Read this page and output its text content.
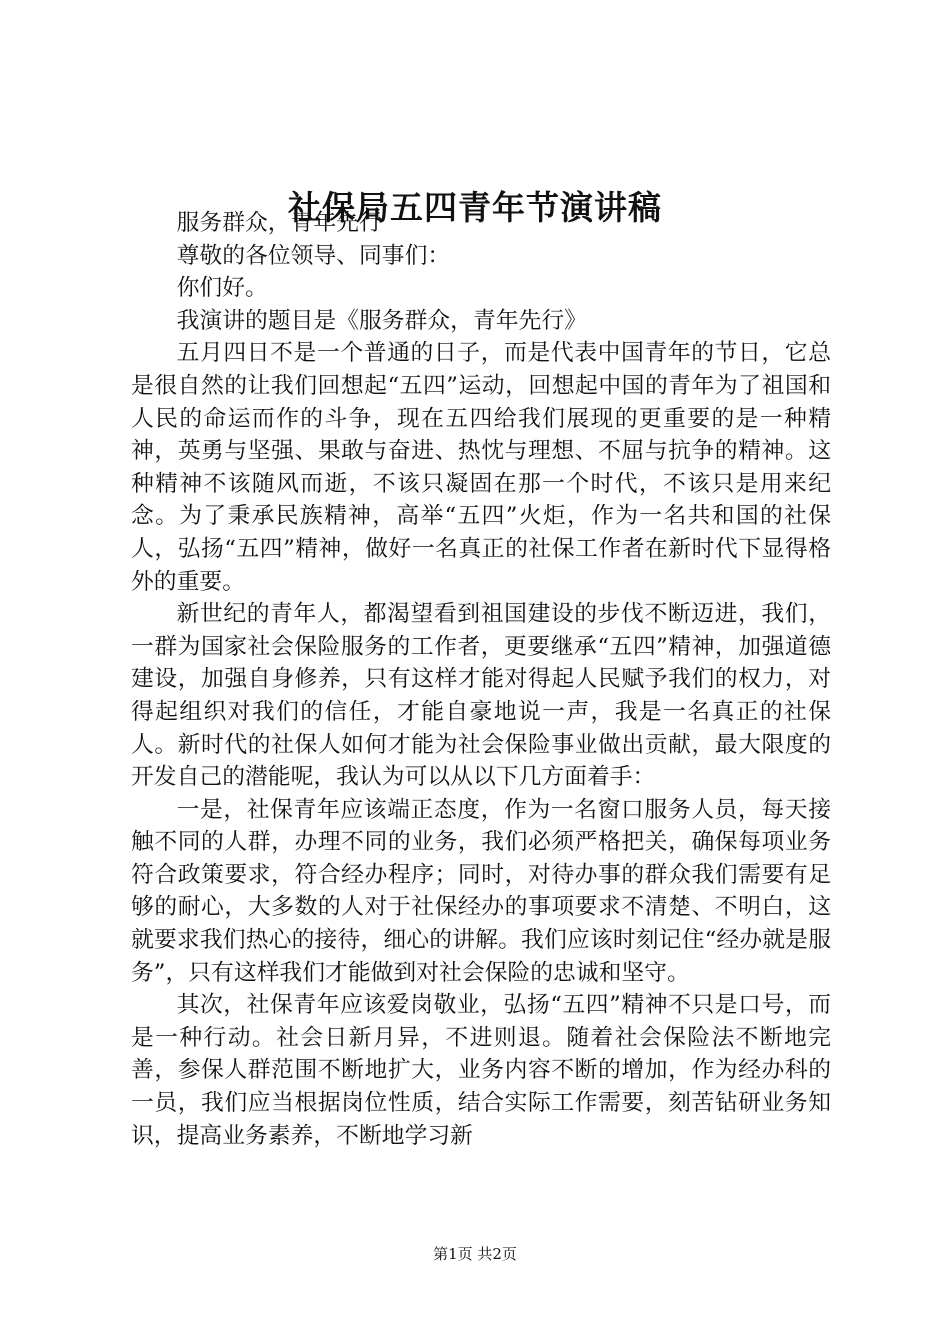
社保局五四青年节演讲稿

服务群众，青年先行

尊敬的各位领导、同事们：

你们好。

我演讲的题目是《服务群众，青年先行》

五月四日不是一个普通的日子，而是代表中国青年的节日，它总是很自然的让我们回想起“五四”运动，回想起中国的青年为了祖国和人民的命运而作的斗争，现在五四给我们展现的更重要的是一种精神，英勇与坚强、果敢与奋进、热忱与理想、不屈与抗争的精神。这种精神不该随风而逝，不该只凝固在那一个时代，不该只是用来纪念。为了秉承民族精神，高举“五四”火炬，作为一名共和国的社保人，弘扬“五四”精神，做好一名真正的社保工作者在新时代下显得格外的重要。

新世纪的青年人，都渴望看到祖国建设的步伐不断迈进，我们，一群为国家社会保险服务的工作者，更要继承“五四”精神，加强道德建设，加强自身修养，只有这样才能对得起人民赋予我们的权力，对得起组织对我们的信任，才能自豪地说一声，我是一名真正的社保人。新时代的社保人如何才能为社会保险事业做出贡献，最大限度的开发自己的潜能呢，我认为可以从以下几方面着手：

一是，社保青年应该端正态度，作为一名窗口服务人员，每天接触不同的人群，办理不同的业务，我们必须严格把关，确保每项业务符合政策要求，符合经办程序；同时，对待办事的群众我们需要有足够的耐心，大多数的人对于社保经办的事项要求不清楚、不明白，这就要求我们热心的接待，细心的讲解。我们应该时刻记住“经办就是服务”，只有这样我们才能做到对社会保险的忠诚和坚守。

其次，社保青年应该爱岗敬业，弘扬“五四”精神不只是口号，而是一种行动。社会日新月异，不进则退。随着社会保险法不断地完善，参保人群范围不断地扩大，业务内容不断的增加，作为经办科的一员，我们应当根据岗位性质，结合实际工作需要，刻苦钻研业务知识，提高业务素养，不断地学习新

第1页 共2页
